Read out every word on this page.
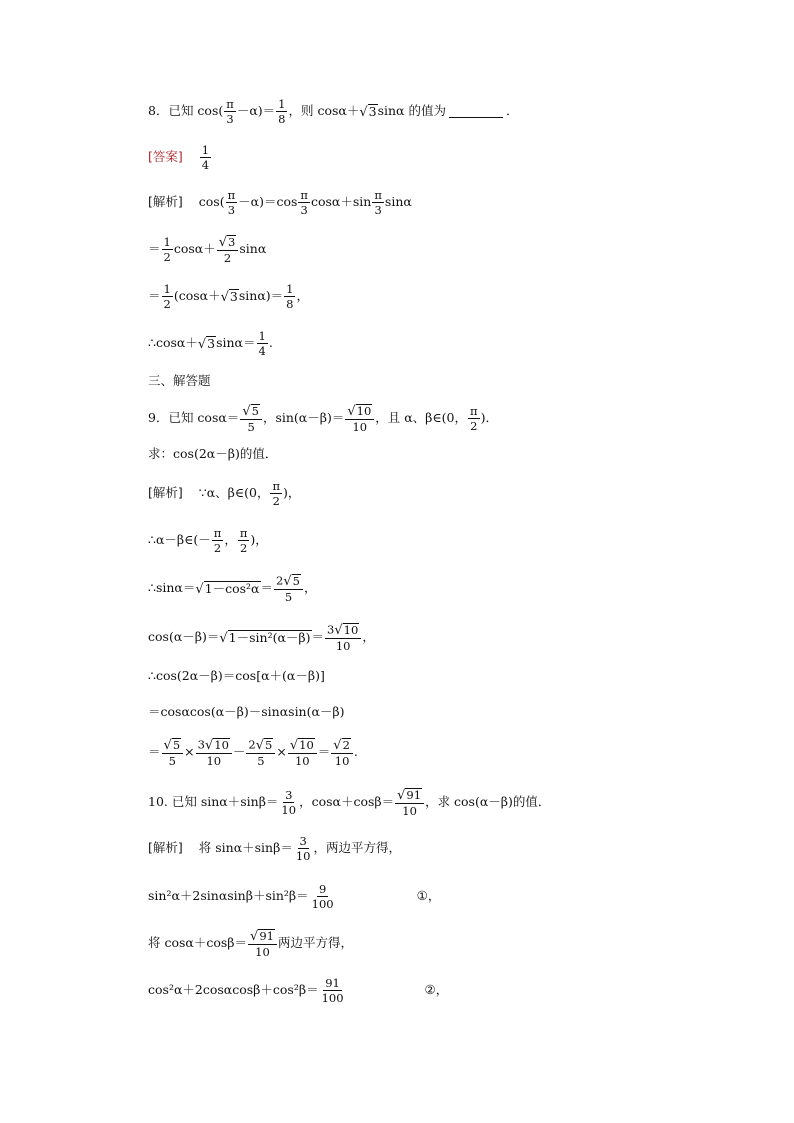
8．已知 $\cos( \frac{\pi}{3} -\alpha)= \frac{1}{8}$ ，则 cosα＋ √ 3 sinα 的值为	．
[答案] $\frac{1}{4}$
[解析] $\cos( \frac{\pi}{3} -\alpha)=\cos \frac{\pi}{3} \cos\alpha+\sin \frac{\pi}{3}$ sinα
＝ $\frac{1}{2} \cos\alpha+ \frac{√ 3}{2}$ sinα
＝ $\frac{1}{2} (\cos\alpha+$ √ 3 $\sin\alpha)= \frac{1}{8}$ ，
∴cosα＋ √ 3 $\sin\alpha= \frac{1}{4}$ .
三、解答题
9．已知 $\cos\alpha= \frac{√ 5}{5}$ ，$\sin(\alpha-\beta)= \frac{√ 10}{10}$ ，且 α、β∈(0， $\frac{\pi}{2}$ )．
求：cos(2α－β)的值．
[解析] ∵α、β∈(0， $\frac{\pi}{2}$ )，
∴α－β∈(－ $\frac{\pi}{2}$ ， $\frac{\pi}{2}$ )，
∴sinα＝ √ $1-\cos^2\alpha = \frac{2 √ 5}{5}$ ，
cos(α－β)＝ √ $1-\sin^2(\alpha-\beta) = \frac{3 √ 10}{10}$ ，
∴cos(2α－β)＝cos[α＋(α－β)]
＝cosαcos(α－β)－sinαsin(α－β)
＝ $\frac{√ 5}{5} \times \frac{3 √ 10}{10} - \frac{2 √ 5}{5} \times \frac{√ 10}{10} = \frac{√ 2}{10}$ .
10. 已知 $\sin\alpha+\sin\beta= \frac{3}{10}$ ，$\cos\alpha+\cos\beta= \frac{√ 91}{10}$ ，求 cos(α－β)的值．
[解析] 将 $\sin\alpha+\sin\beta= \frac{3}{10}$ ，两边平方得，
$\sin^2\alpha+2\sin\alpha\sin\beta+\sin^2\beta= \frac{9}{100}$	①，
将 $\cos\alpha+\cos\beta= \frac{√ 91}{10}$ 两边平方得，
$\cos^2\alpha+2\cos\alpha\cos\beta+\cos^2\beta= \frac{91}{100}$	②，
